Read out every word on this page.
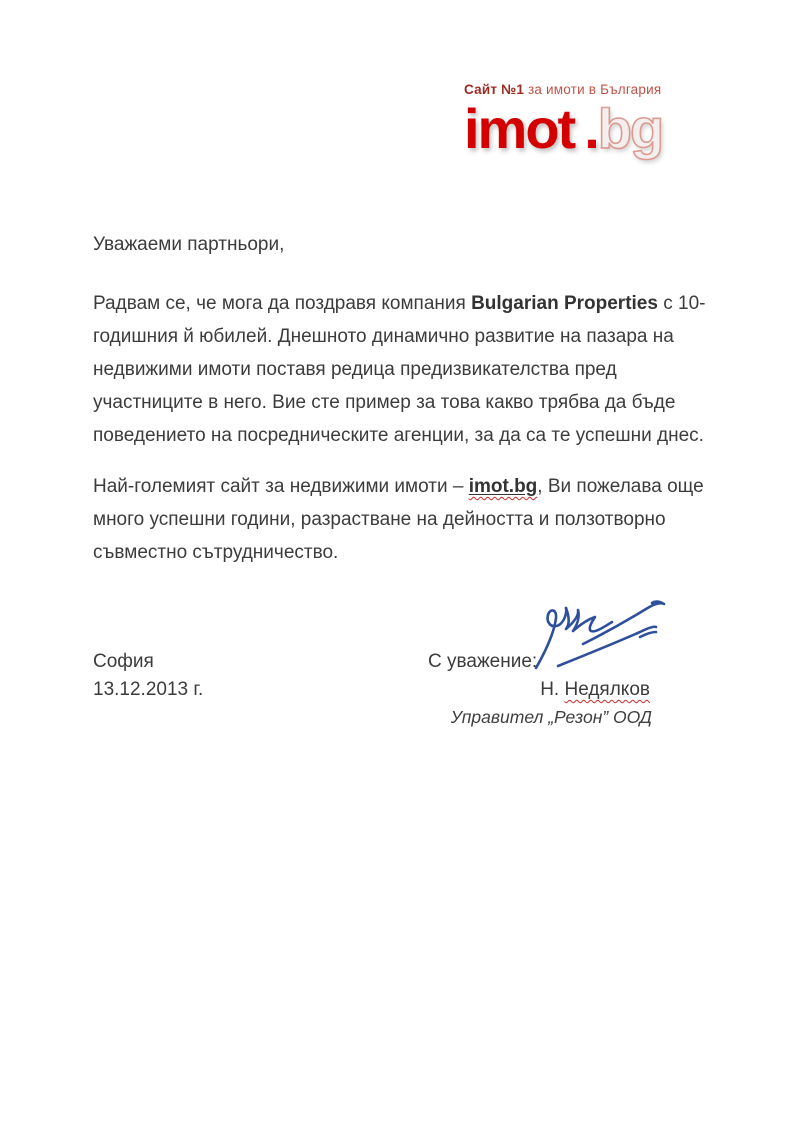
Сайт №1 за имоти в България
imot .bg
Уважаеми партньори,
Радвам се, че мога да поздравя компания Bulgarian Properties с 10-
годишния й юбилей. Днешното динамично развитие на пазара на
недвижими имоти поставя редица предизвикателства пред
участниците в него. Вие сте пример за това какво трябва да бъде
поведението на посредническите агенции, за да са те успешни днес.
Най-големият сайт за недвижими имоти – imot.bg, Ви пожелава още
много успешни години, разрастване на дейността и ползотворно
съвместно сътрудничество.
София
13.12.2013 г.
С уважение:
Н. Недялков
Управител „Резон” ООД
